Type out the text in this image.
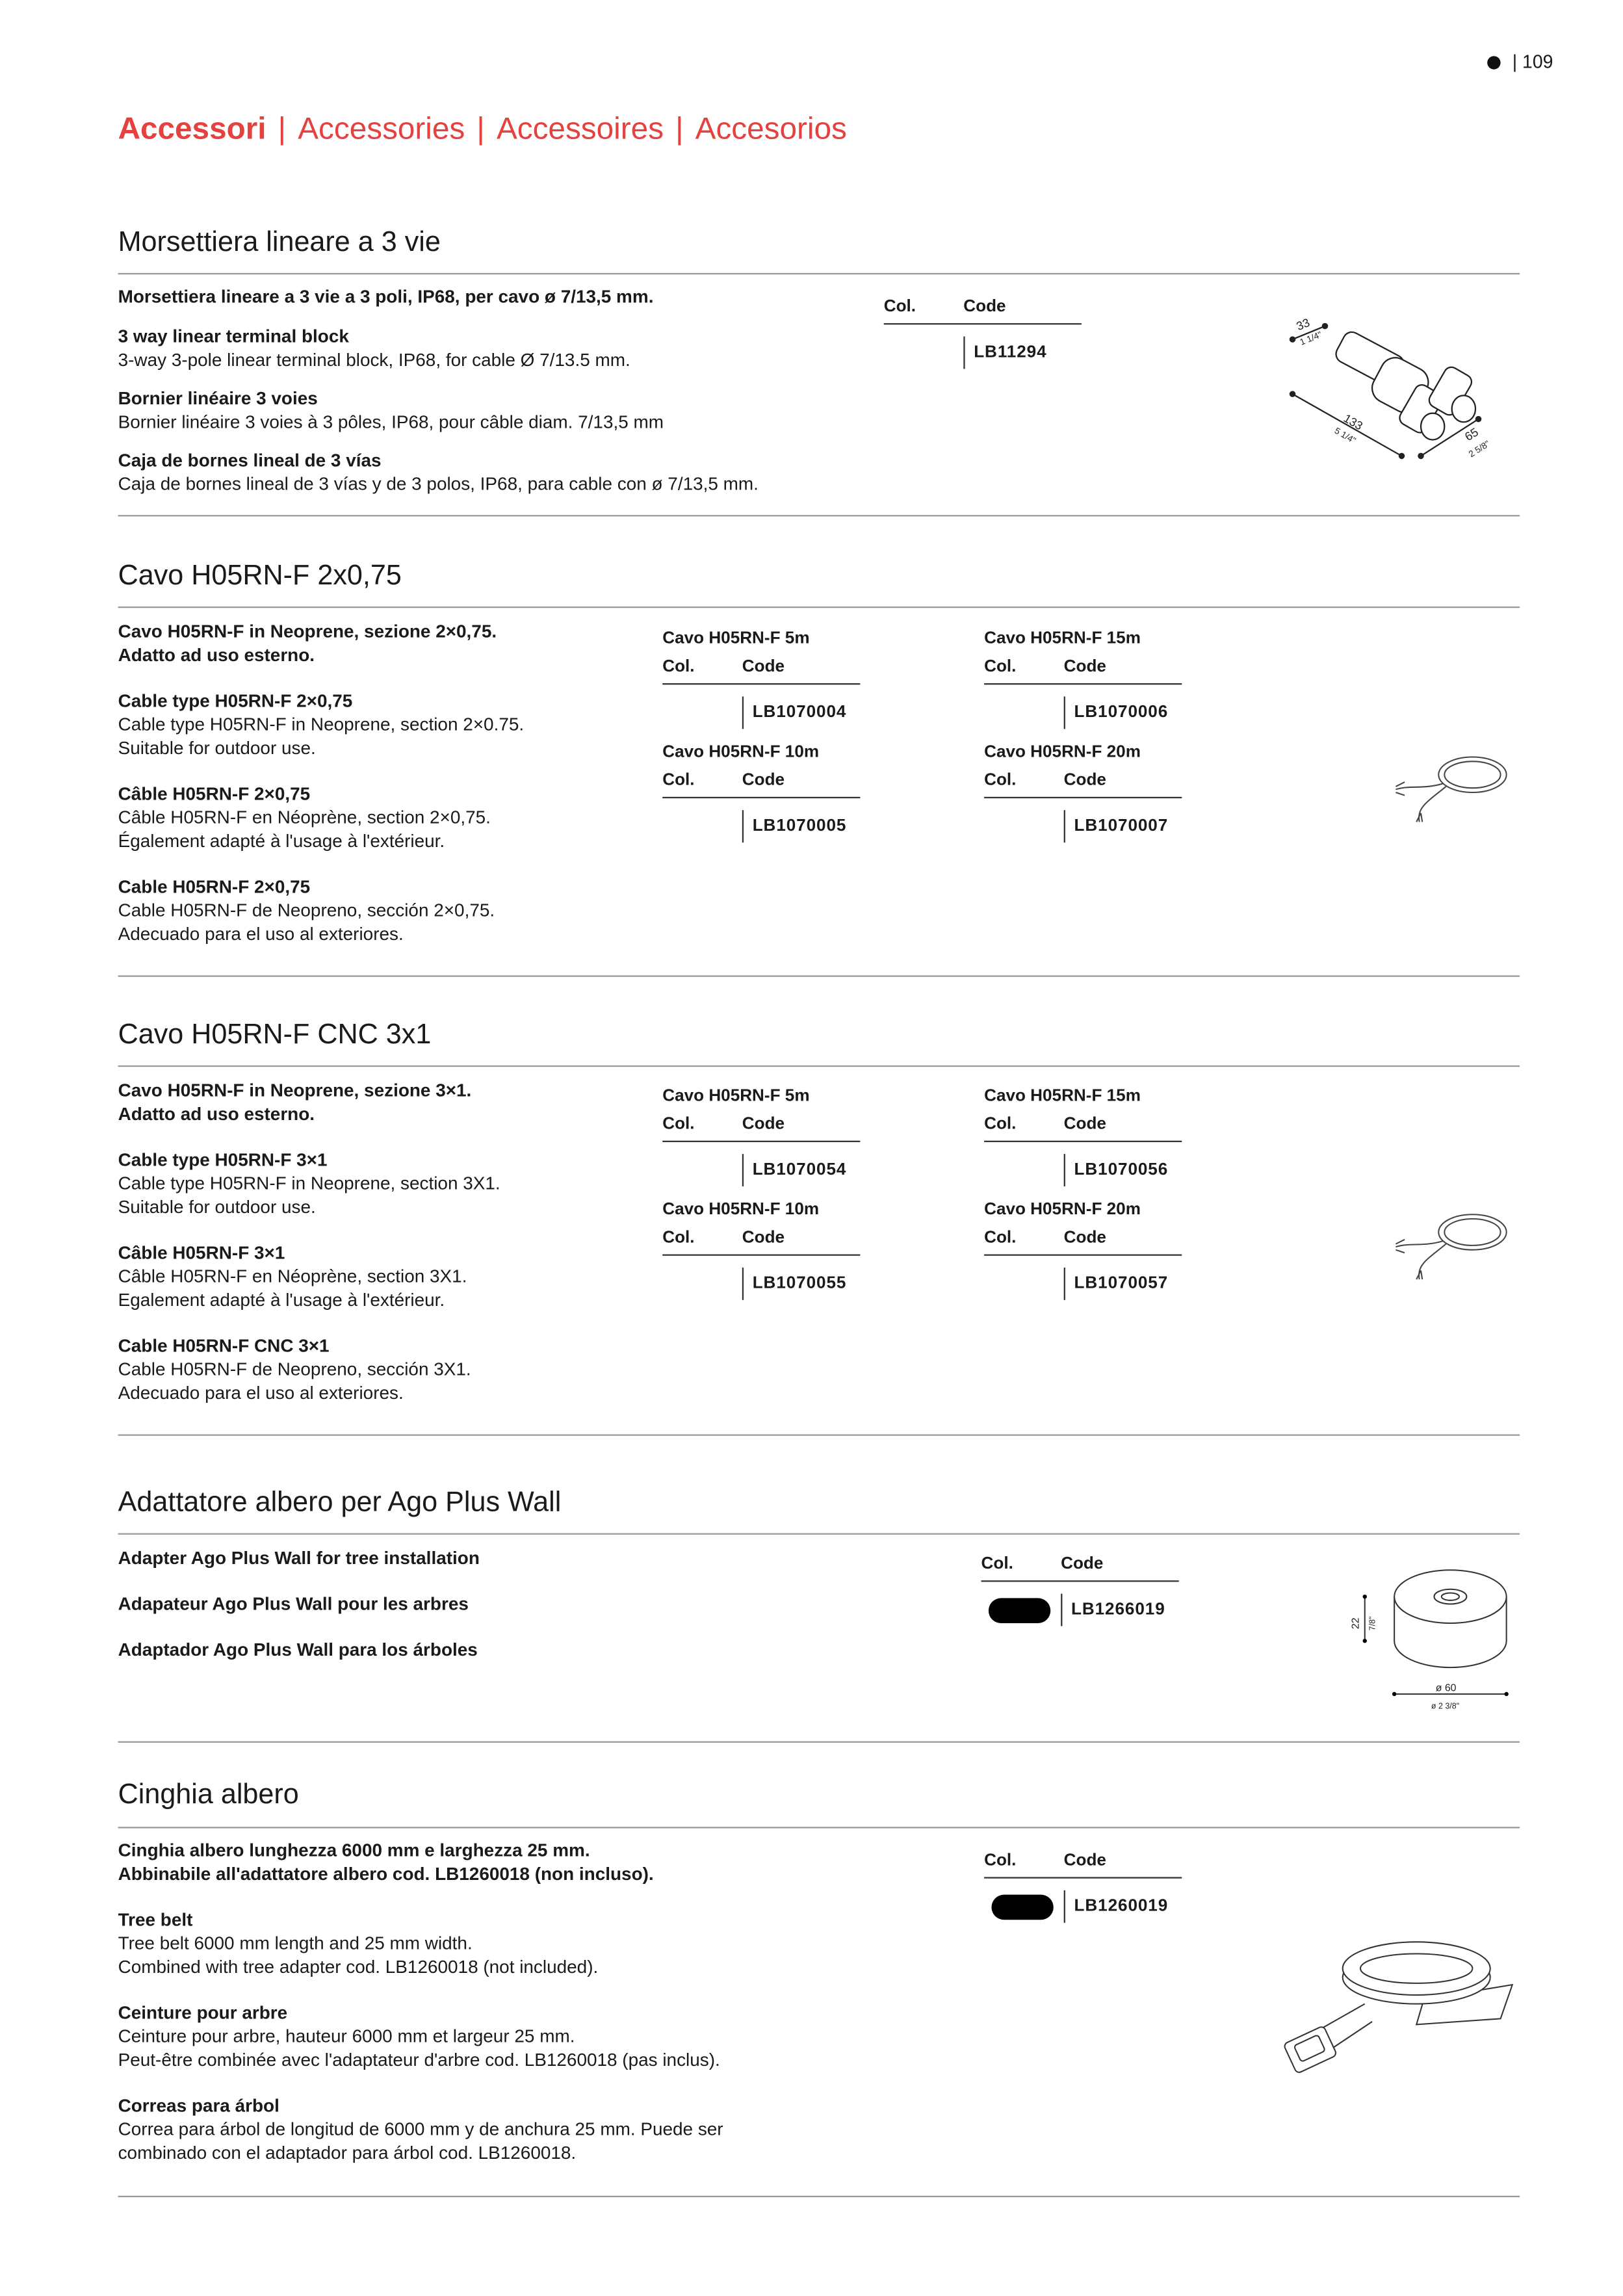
| 109
Accessori | Accessories | Accessoires | Accesorios
Morsettiera lineare a 3 vie

Morsettiera lineare a 3 vie a 3 poli, IP68, per cavo ø 7/13,5 mm.

3 way linear terminal block
3-way 3-pole linear terminal block, IP68, for cable Ø 7/13.5 mm.

Bornier linéaire 3 voies
Bornier linéaire 3 voies à 3 pôles, IP68, pour câble diam. 7/13,5 mm

Caja de bornes lineal de 3 vías
Caja de bornes lineal de 3 vías y de 3 polos, IP68, para cable con ø 7/13,5 mm.

Col.	Code
LB11294
33
1 1/4"
133
5 1/4"	65
2 5/8"
Cavo H05RN-F 2x0,75

Cavo H05RN-F in Neoprene, sezione 2×0,75.
Adatto ad uso esterno.

Cable type H05RN-F 2×0,75
Cable type H05RN-F in Neoprene, section 2×0.75.
Suitable for outdoor use.

Câble H05RN-F 2×0,75
Câble H05RN-F en Néoprène, section 2×0,75.
Également adapté à l'usage à l'extérieur.

Cable H05RN-F 2×0,75
Cable H05RN-F de Neopreno, sección 2×0,75.
Adecuado para el uso al exteriores.

Cavo H05RN-F CNC 3x1

Cavo H05RN-F in Neoprene, sezione 3×1.
Adatto ad uso esterno.

Cable type H05RN-F 3×1
Cable type H05RN-F in Neoprene, section 3X1.
Suitable for outdoor use.

Câble H05RN-F 3×1
Câble H05RN-F en Néoprène, section 3X1.
Egalement adapté à l'usage à l'extérieur.

Cable H05RN-F CNC 3×1
Cable H05RN-F de Neopreno, sección 3X1.
Adecuado para el uso al exteriores.

Adattatore albero per Ago Plus Wall

Adapter Ago Plus Wall for tree installation

Adapateur Ago Plus Wall pour les arbres

Adaptador Ago Plus Wall para los árboles

Col.	Code
LB1266019
22 7/8"
ø 60
ø 2 3/8"
Cinghia albero

Cinghia albero lunghezza 6000 mm e larghezza 25 mm.
Abbinabile all'adattatore albero cod. LB1260018 (non incluso).

Tree belt
Tree belt 6000 mm length and 25 mm width.
Combined with tree adapter cod. LB1260018 (not included).

Ceinture pour arbre
Ceinture pour arbre, hauteur 6000 mm et largeur 25 mm.
Peut-être combinée avec l'adaptateur d'arbre cod. LB1260018 (pas inclus).

Correas para árbol
Correa para árbol de longitud de 6000 mm y de anchura 25 mm. Puede ser
combinado con el adaptador para árbol cod. LB1260018.

Col.	Code
LB1260019
Cavo H05RN-F 5m
Col.	Code
LB1070004
Cavo H05RN-F 15m
Col.	Code
LB1070006
Cavo H05RN-F 10m
Col.	Code
LB1070005
Cavo H05RN-F 20m
Col.	Code
LB1070007
Cavo H05RN-F 5m
Col.	Code
LB1070054
Cavo H05RN-F 15m
Col.	Code
LB1070056
Cavo H05RN-F 10m
Col.	Code
LB1070055
Cavo H05RN-F 20m
Col.	Code
LB1070057
